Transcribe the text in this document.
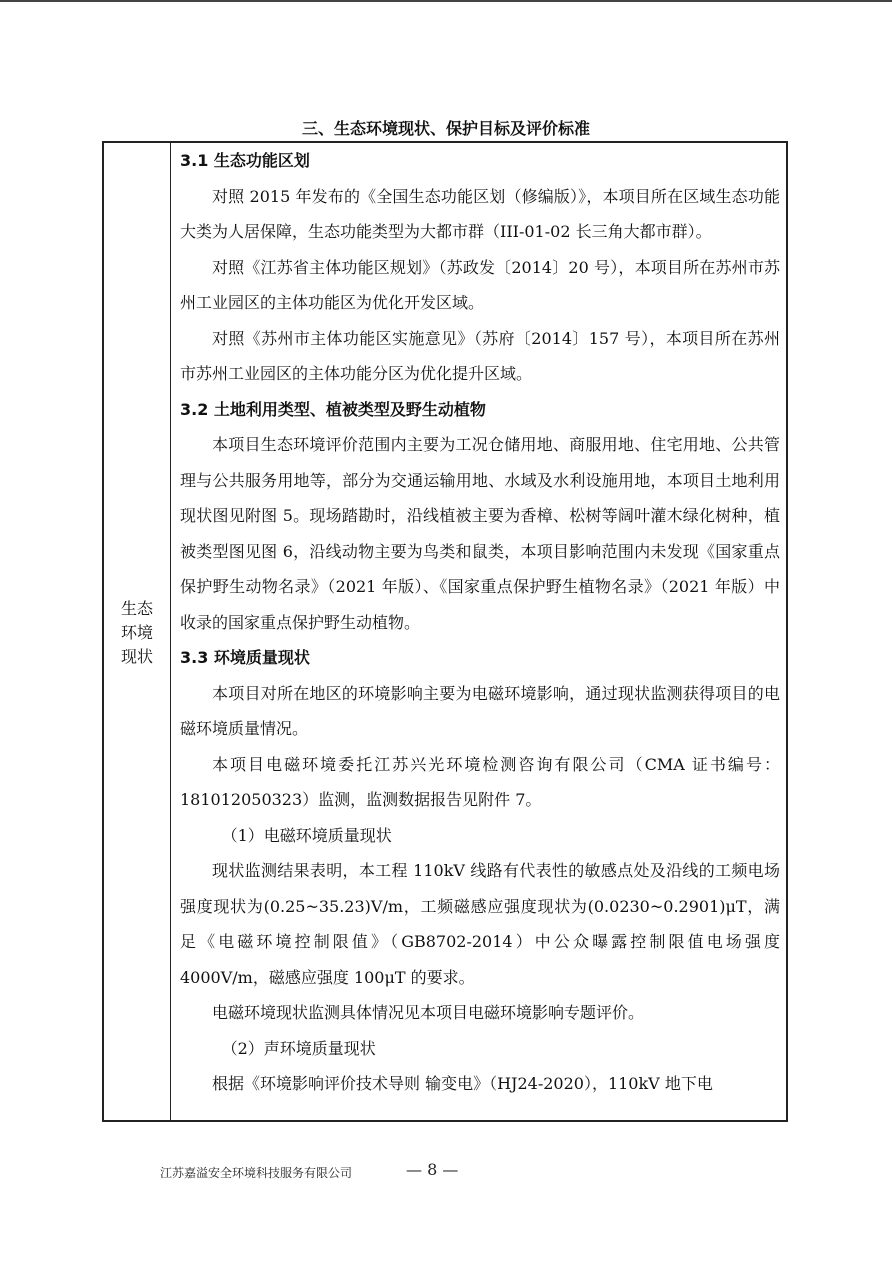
三、生态环境现状、保护目标及评价标准
生态
环境
现状
3.1 生态功能区划

对照 2015 年发布的《全国生态功能区划（修编版）》，本项目所在区域生态功能大类为人居保障，生态功能类型为大都市群（III-01-02 长三角大都市群）。

对照《江苏省主体功能区规划》（苏政发〔2014〕20 号），本项目所在苏州市苏州工业园区的主体功能区为优化开发区域。

对照《苏州市主体功能区实施意见》（苏府〔2014〕157 号），本项目所在苏州市苏州工业园区的主体功能分区为优化提升区域。

3.2 土地利用类型、植被类型及野生动植物

本项目生态环境评价范围内主要为工况仓储用地、商服用地、住宅用地、公共管理与公共服务用地等，部分为交通运输用地、水域及水利设施用地，本项目土地利用现状图见附图 5。现场踏勘时，沿线植被主要为香樟、松树等阔叶灌木绿化树种，植被类型图见图 6，沿线动物主要为鸟类和鼠类，本项目影响范围内未发现《国家重点保护野生动物名录》（2021 年版）、《国家重点保护野生植物名录》（2021 年版）中收录的国家重点保护野生动植物。

3.3 环境质量现状

本项目对所在地区的环境影响主要为电磁环境影响，通过现状监测获得项目的电磁环境质量情况。

本项目电磁环境委托江苏兴光环境检测咨询有限公司（CMA 证书编号：181012050323）监测，监测数据报告见附件 7。

（1）电磁环境质量现状

现状监测结果表明，本工程 110kV 线路有代表性的敏感点处及沿线的工频电场强度现状为(0.25~35.23)V/m，工频磁感应强度现状为(0.0230~0.2901)μT，满足《电磁环境控制限值》（GB8702-2014）中公众曝露控制限值电场强度 4000V/m，磁感应强度 100μT 的要求。

电磁环境现状监测具体情况见本项目电磁环境影响专题评价。

（2）声环境质量现状

根据《环境影响评价技术导则 输变电》（HJ24-2020），110kV 地下电

江苏嘉溢安全环境科技服务有限公司	— 8 —
